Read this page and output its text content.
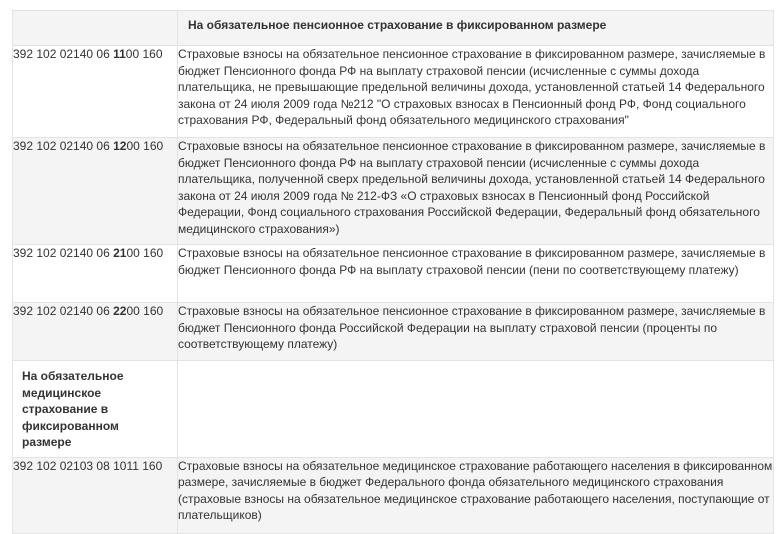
	На обязательное пенсионное страхование в фиксированном размере
392 102 02140 06 1100 160	Страховые взносы на обязательное пенсионное страхование в фиксированном размере, зачисляемые в бюджет Пенсионного фонда РФ на выплату страховой пенсии (исчисленные с суммы дохода плательщика, не превышающие предельной величины дохода, установленной статьей 14 Федерального закона от 24 июля 2009 года №212 "О страховых взносах в Пенсионный фонд РФ, Фонд социального страхования РФ, Федеральный фонд обязательного медицинского страхования"
392 102 02140 06 1200 160	Страховые взносы на обязательное пенсионное страхование в фиксированном размере, зачисляемые в бюджет Пенсионного фонда РФ на выплату страховой пенсии (исчисленные с суммы дохода плательщика, полученной сверх предельной величины дохода, установленной статьей 14 Федерального закона от 24 июля 2009 года № 212-ФЗ «О страховых взносах в Пенсионный фонд Российской Федерации, Фонд социального страхования Российской Федерации, Федеральный фонд обязательного медицинского страхования»)
392 102 02140 06 2100 160	Страховые взносы на обязательное пенсионное страхование в фиксированном размере, зачисляемые в бюджет Пенсионного фонда РФ на выплату страховой пенсии (пени по соответствующему платежу)
392 102 02140 06 2200 160	Страховые взносы на обязательное пенсионное страхование в фиксированном размере, зачисляемые в бюджет Пенсионного фонда Российской Федерации на выплату страховой пенсии (проценты по соответствующему платежу)
На обязательное медицинское страхование в фиксированном размере	
392 102 02103 08 1011 160	Страховые взносы на обязательное медицинское страхование работающего населения в фиксированном размере, зачисляемые в бюджет Федерального фонда обязательного медицинского страхования (страховые взносы на обязательное медицинское страхование работающего населения, поступающие от плательщиков)
